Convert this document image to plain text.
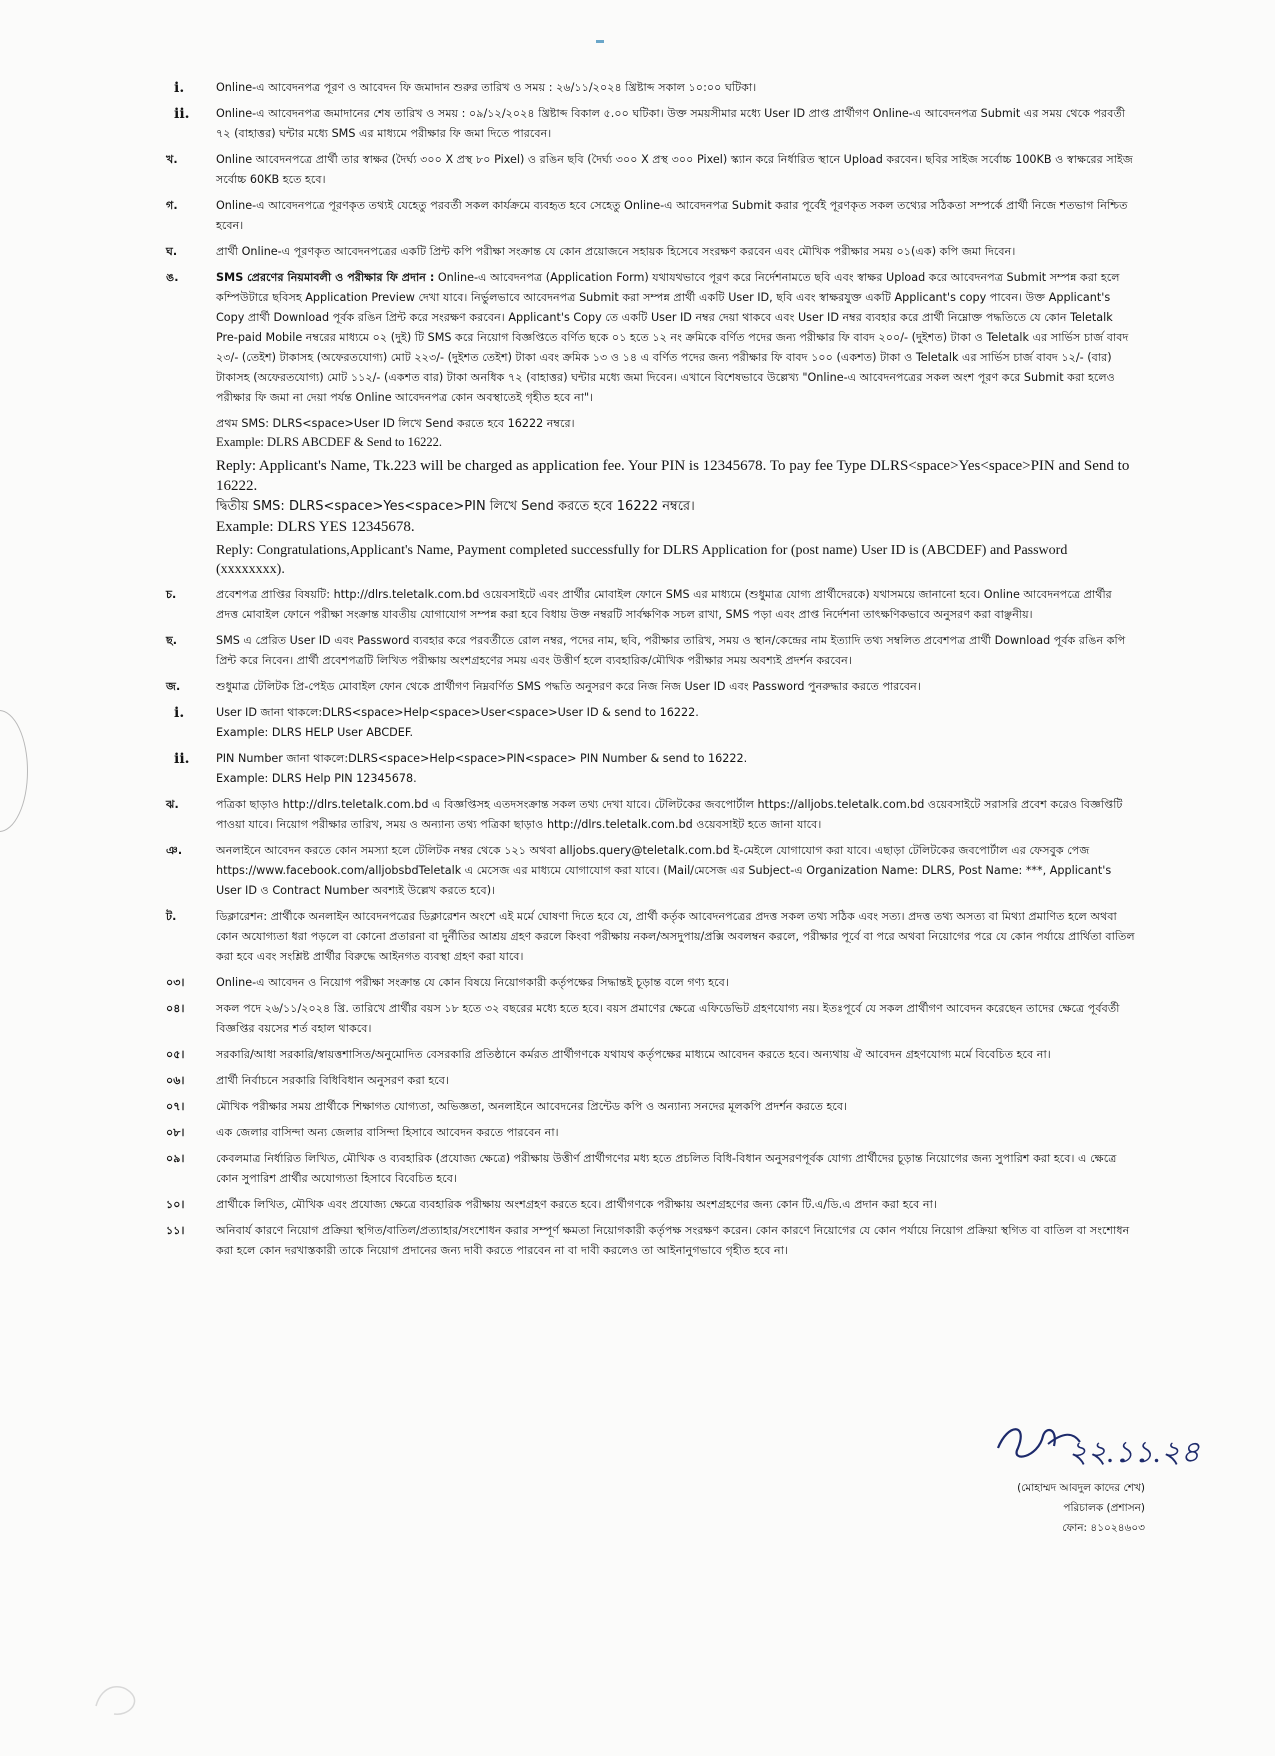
i.	Online-এ আবেদনপত্র পূরণ ও আবেদন ফি জমাদান শুরুর তারিখ ও সময় : ২৬/১১/২০২৪ খ্রিষ্টাব্দ সকাল ১০:০০ ঘটিকা।
ii.	Online-এ আবেদনপত্র জমাদানের শেষ তারিখ ও সময় : ০৯/১২/২০২৪ খ্রিষ্টাব্দ বিকাল ৫.০০ ঘটিকা। উক্ত সময়সীমার মধ্যে User ID প্রাপ্ত প্রার্থীগণ Online-এ আবেদনপত্র Submit এর সময় থেকে পরবর্তী ৭২ (বাহাত্তর) ঘন্টার মধ্যে SMS এর মাধ্যমে পরীক্ষার ফি জমা দিতে পারবেন।
খ.	Online আবেদনপত্রে প্রার্থী তার স্বাক্ষর (দৈর্ঘ্য ৩০০ X প্রস্থ ৮০ Pixel) ও রঙিন ছবি (দৈর্ঘ্য ৩০০ X প্রস্থ ৩০০ Pixel) স্ক্যান করে নির্ধারিত স্থানে Upload করবেন। ছবির সাইজ সর্বোচ্চ 100KB ও স্বাক্ষরের সাইজ সর্বোচ্চ 60KB হতে হবে।
গ.	Online-এ আবেদনপত্রে পূরণকৃত তথ্যই যেহেতু পরবর্তী সকল কার্যক্রমে ব্যবহৃত হবে সেহেতু Online-এ আবেদনপত্র Submit করার পূর্বেই পূরণকৃত সকল তথ্যের সঠিকতা সম্পর্কে প্রার্থী নিজে শতভাগ নিশ্চিত হবেন।
ঘ.	প্রার্থী Online-এ পূরণকৃত আবেদনপত্রের একটি প্রিন্ট কপি পরীক্ষা সংক্রান্ত যে কোন প্রয়োজনে সহায়ক হিসেবে সংরক্ষণ করবেন এবং মৌখিক পরীক্ষার সময় ০১(এক) কপি জমা দিবেন।
ঙ.	SMS প্রেরণের নিয়মাবলী ও পরীক্ষার ফি প্রদান : Online-এ আবেদনপত্র (Application Form) যথাযথভাবে পূরণ করে নির্দেশনামতে ছবি এবং স্বাক্ষর Upload করে আবেদনপত্র Submit সম্পন্ন করা হলে কম্পিউটারে ছবিসহ Application Preview দেখা যাবে। নির্ভুলভাবে আবেদনপত্র Submit করা সম্পন্ন প্রার্থী একটি User ID, ছবি এবং স্বাক্ষরযুক্ত একটি Applicant's copy পাবেন। উক্ত Applicant's Copy প্রার্থী Download পূর্বক রঙিন প্রিন্ট করে সংরক্ষণ করবেন। Applicant's Copy তে একটি User ID নম্বর দেয়া থাকবে এবং User ID নম্বর ব্যবহার করে প্রার্থী নিম্নোক্ত পদ্ধতিতে যে কোন Teletalk Pre-paid Mobile নম্বরের মাধ্যমে ০২ (দুই) টি SMS করে নিয়োগ বিজ্ঞপ্তিতে বর্ণিত ছকে ০১ হতে ১২ নং ক্রমিকে বর্ণিত পদের জন্য পরীক্ষার ফি বাবদ ২০০/- (দুইশত) টাকা ও Teletalk এর সার্ভিস চার্জ বাবদ ২৩/- (তেইশ) টাকাসহ (অফেরতযোগ্য) মোট ২২৩/- (দুইশত তেইশ) টাকা এবং ক্রমিক ১৩ ও ১৪ এ বর্ণিত পদের জন্য পরীক্ষার ফি বাবদ ১০০ (একশত) টাকা ও Teletalk এর সার্ভিস চার্জ বাবদ ১২/- (বার) টাকাসহ (অফেরতযোগ্য) মোট ১১২/- (একশত বার) টাকা অনধিক ৭২ (বাহাত্তর) ঘন্টার মধ্যে জমা দিবেন। এখানে বিশেষভাবে উল্লেখ্য "Online-এ আবেদনপত্রের সকল অংশ পূরণ করে Submit করা হলেও পরীক্ষার ফি জমা না দেয়া পর্যন্ত Online আবেদনপত্র কোন অবস্থাতেই গৃহীত হবে না"।
প্রথম SMS: DLRS<space>User ID লিখে Send করতে হবে 16222 নম্বরে।
Example: DLRS ABCDEF & Send to 16222.
Reply: Applicant's Name, Tk.223 will be charged as application fee. Your PIN is 12345678. To pay fee Type DLRS<space>Yes<space>PIN and Send to 16222.
দ্বিতীয় SMS: DLRS<space>Yes<space>PIN লিখে Send করতে হবে 16222 নম্বরে।
Example: DLRS YES 12345678.
Reply: Congratulations,Applicant's Name, Payment completed successfully for DLRS Application for (post name) User ID is (ABCDEF) and Password (xxxxxxxx).
চ.	প্রবেশপত্র প্রাপ্তির বিষয়টি: http://dlrs.teletalk.com.bd ওয়েবসাইটে এবং প্রার্থীর মোবাইল ফোনে SMS এর মাধ্যমে (শুধুমাত্র যোগ্য প্রার্থীদেরকে) যথাসময়ে জানানো হবে। Online আবেদনপত্রে প্রার্থীর প্রদত্ত মোবাইল ফোনে পরীক্ষা সংক্রান্ত যাবতীয় যোগাযোগ সম্পন্ন করা হবে বিধায় উক্ত নম্বরটি সার্বক্ষণিক সচল রাখা, SMS পড়া এবং প্রাপ্ত নির্দেশনা তাৎক্ষণিকভাবে অনুসরণ করা বাঞ্ছনীয়।
ছ.	SMS এ প্রেরিত User ID এবং Password ব্যবহার করে পরবর্তীতে রোল নম্বর, পদের নাম, ছবি, পরীক্ষার তারিখ, সময় ও স্থান/কেন্দ্রের নাম ইত্যাদি তথ্য সম্বলিত প্রবেশপত্র প্রার্থী Download পূর্বক রঙিন কপি প্রিন্ট করে নিবেন। প্রার্থী প্রবেশপত্রটি লিখিত পরীক্ষায় অংশগ্রহণের সময় এবং উত্তীর্ণ হলে ব্যবহারিক/মৌখিক পরীক্ষার সময় অবশ্যই প্রদর্শন করবেন।
জ.	শুধুমাত্র টেলিটক প্রি-পেইড মোবাইল ফোন থেকে প্রার্থীগণ নিম্নবর্ণিত SMS পদ্ধতি অনুসরণ করে নিজ নিজ User ID এবং Password পুনরুদ্ধার করতে পারবেন।
i.	User ID জানা থাকলে:DLRS<space>Help<space>User<space>User ID & send to 16222.
Example: DLRS HELP User ABCDEF.
ii.	PIN Number জানা থাকলে:DLRS<space>Help<space>PIN<space> PIN Number & send to 16222.
Example: DLRS Help PIN 12345678.
ঝ.	পত্রিকা ছাড়াও http://dlrs.teletalk.com.bd এ বিজ্ঞপ্তিসহ এতদসংক্রান্ত সকল তথ্য দেখা যাবে। টেলিটকের জবপোর্টাল https://alljobs.teletalk.com.bd ওয়েবসাইটে সরাসরি প্রবেশ করেও বিজ্ঞপ্তিটি পাওয়া যাবে। নিয়োগ পরীক্ষার তারিখ, সময় ও অন্যান্য তথ্য পত্রিকা ছাড়াও http://dlrs.teletalk.com.bd ওয়েবসাইট হতে জানা যাবে।
ঞ.	অনলাইনে আবেদন করতে কোন সমস্যা হলে টেলিটক নম্বর থেকে ১২১ অথবা alljobs.query@teletalk.com.bd ই-মেইলে যোগাযোগ করা যাবে। এছাড়া টেলিটকের জবপোর্টাল এর ফেসবুক পেজ https://www.facebook.com/alljobsbdTeletalk এ মেসেজ এর মাধ্যমে যোগাযোগ করা যাবে। (Mail/মেসেজ এর Subject-এ Organization Name: DLRS, Post Name: ***, Applicant's User ID ও Contract Number অবশ্যই উল্লেখ করতে হবে)।
ট.	ডিক্লারেশন: প্রার্থীকে অনলাইন আবেদনপত্রের ডিক্লারেশন অংশে এই মর্মে ঘোষণা দিতে হবে যে, প্রার্থী কর্তৃক আবেদনপত্রের প্রদত্ত সকল তথ্য সঠিক এবং সত্য। প্রদত্ত তথ্য অসত্য বা মিথ্যা প্রমাণিত হলে অথবা কোন অযোগ্যতা ধরা পড়লে বা কোনো প্রতারনা বা দুর্নীতির আশ্রয় গ্রহণ করলে কিংবা পরীক্ষায় নকল/অসদুপায়/প্রক্সি অবলম্বন করলে, পরীক্ষার পূর্বে বা পরে অথবা নিয়োগের পরে যে কোন পর্যায়ে প্রার্থিতা বাতিল করা হবে এবং সংশ্লিষ্ট প্রার্থীর বিরুদ্ধে আইনগত ব্যবস্থা গ্রহণ করা যাবে।
০৩।	Online-এ আবেদন ও নিয়োগ পরীক্ষা সংক্রান্ত যে কোন বিষয়ে নিয়োগকারী কর্তৃপক্ষের সিদ্ধান্তই চূড়ান্ত বলে গণ্য হবে।
০৪।	সকল পদে ২৬/১১/২০২৪ খ্রি. তারিখে প্রার্থীর বয়স ১৮ হতে ৩২ বছরের মধ্যে হতে হবে। বয়স প্রমাণের ক্ষেত্রে এফিডেভিট গ্রহণযোগ্য নয়। ইতঃপূর্বে যে সকল প্রার্থীগণ আবেদন করেছেন তাদের ক্ষেত্রে পূর্ববর্তী বিজ্ঞপ্তির বয়সের শর্ত বহাল থাকবে।
০৫।	সরকারি/আধা সরকারি/স্বায়ত্তশাসিত/অনুমোদিত বেসরকারি প্রতিষ্ঠানে কর্মরত প্রার্থীগণকে যথাযথ কর্তৃপক্ষের মাধ্যমে আবেদন করতে হবে। অন্যথায় ঐ আবেদন গ্রহণযোগ্য মর্মে বিবেচিত হবে না।
০৬।	প্রার্থী নির্বাচনে সরকারি বিধিবিধান অনুসরণ করা হবে।
০৭।	মৌখিক পরীক্ষার সময় প্রার্থীকে শিক্ষাগত যোগ্যতা, অভিজ্ঞতা, অনলাইনে আবেদনের প্রিন্টেড কপি ও অন্যান্য সনদের মূলকপি প্রদর্শন করতে হবে।
০৮।	এক জেলার বাসিন্দা অন্য জেলার বাসিন্দা হিসাবে আবেদন করতে পারবেন না।
০৯।	কেবলমাত্র নির্ধারিত লিখিত, মৌখিক ও ব্যবহারিক (প্রযোজ্য ক্ষেত্রে) পরীক্ষায় উত্তীর্ণ প্রার্থীগণের মধ্য হতে প্রচলিত বিধি-বিধান অনুসরণপূর্বক যোগ্য প্রার্থীদের চূড়ান্ত নিয়োগের জন্য সুপারিশ করা হবে। এ ক্ষেত্রে কোন সুপারিশ প্রার্থীর অযোগ্যতা হিসাবে বিবেচিত হবে।
১০।	প্রার্থীকে লিখিত, মৌখিক এবং প্রযোজ্য ক্ষেত্রে ব্যবহারিক পরীক্ষায় অংশগ্রহণ করতে হবে। প্রার্থীগণকে পরীক্ষায় অংশগ্রহণের জন্য কোন টি.এ/ডি.এ প্রদান করা হবে না।
১১।	অনিবার্য কারণে নিয়োগ প্রক্রিয়া স্থগিত/বাতিল/প্রত্যাহার/সংশোধন করার সম্পূর্ণ ক্ষমতা নিয়োগকারী কর্তৃপক্ষ সংরক্ষণ করেন। কোন কারণে নিয়োগের যে কোন পর্যায়ে নিয়োগ প্রক্রিয়া স্থগিত বা বাতিল বা সংশোধন করা হলে কোন দরখাস্তকারী তাকে নিয়োগ প্রদানের জন্য দাবী করতে পারবেন না বা দাবী করলেও তা আইনানুগভাবে গৃহীত হবে না।
২২.১১.২৪
(মোহাম্মদ আবদুল কাদের শেখ)
পরিচালক (প্রশাসন)
ফোন: ৪১০২৪৬০৩
